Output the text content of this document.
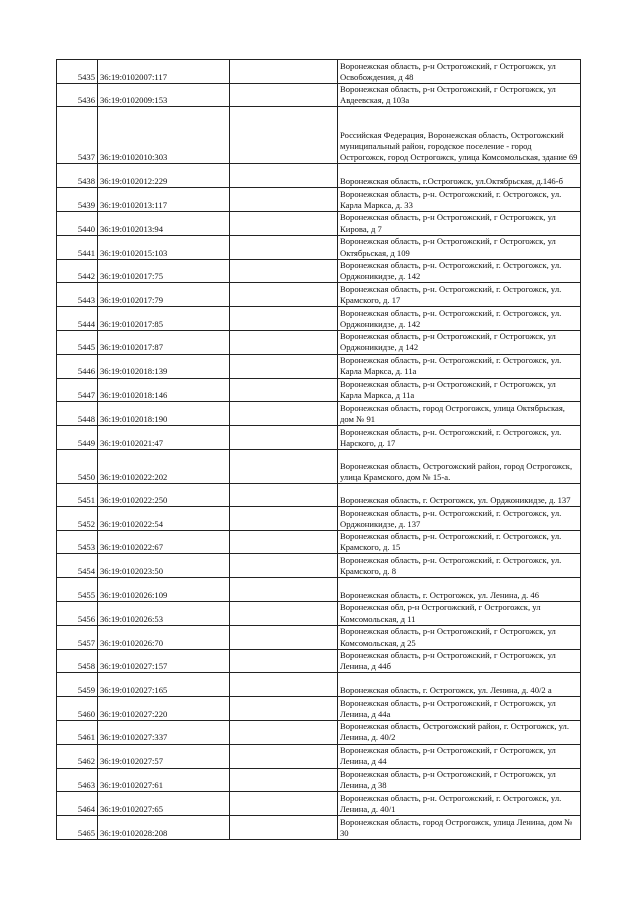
5435	36:19:0102007:117		Воронежская область, р-н Острогожский, г Острогожск, ул Освобождения, д 48
5436	36:19:0102009:153		Воронежская область, р-н Острогожский, г Острогожск, ул Авдеевская, д 103а
5437	36:19:0102010:303		Российская Федерация, Воронежская область, Острогожский муниципальный район, городское поселение - город Острогожск, город Острогожск, улица Комсомольская, здание 69
5438	36:19:0102012:229		Воронежская область, г.Острогожск, ул.Октябрьская, д.146-б
5439	36:19:0102013:117		Воронежская область, р-н. Острогожский, г. Острогожск, ул. Карла Маркса, д. 33
5440	36:19:0102013:94		Воронежская область, р-н Острогожский, г Острогожск, ул Кирова, д 7
5441	36:19:0102015:103		Воронежская область, р-н Острогожский, г Острогожск, ул Октябрьская, д 109
5442	36:19:0102017:75		Воронежская область, р-н. Острогожский, г. Острогожск, ул. Орджоникидзе, д. 142
5443	36:19:0102017:79		Воронежская область, р-н. Острогожский, г. Острогожск, ул. Крамского, д. 17
5444	36:19:0102017:85		Воронежская область, р-н. Острогожский, г. Острогожск, ул. Орджоникидзе, д. 142
5445	36:19:0102017:87		Воронежская область, р-н Острогожский, г Острогожск, ул Орджоникидзе, д 142
5446	36:19:0102018:139		Воронежская область, р-н. Острогожский, г. Острогожск, ул. Карла Маркса, д. 11а
5447	36:19:0102018:146		Воронежская область, р-н Острогожский, г Острогожск, ул Карла Маркса, д 11а
5448	36:19:0102018:190		Воронежская область, город Острогожск, улица Октябрьская, дом № 91
5449	36:19:0102021:47		Воронежская область, р-н. Острогожский, г. Острогожск, ул. Нарского, д. 17
5450	36:19:0102022:202		Воронежская область, Острогожский район, город Острогожск, улица Крамского, дом № 15-а.
5451	36:19:0102022:250		Воронежская область, г. Острогожск, ул. Орджоникидзе, д. 137
5452	36:19:0102022:54		Воронежская область, р-н. Острогожский, г. Острогожск, ул. Орджоникидзе, д. 137
5453	36:19:0102022:67		Воронежская область, р-н. Острогожский, г. Острогожск, ул. Крамского, д. 15
5454	36:19:0102023:50		Воронежская область, р-н. Острогожский, г. Острогожск, ул. Крамского, д. 8
5455	36:19:0102026:109		Воронежская область, г. Острогожск, ул. Ленина, д. 46
5456	36:19:0102026:53		Воронежская обл, р-н Острогожский, г Острогожск, ул Комсомольская, д 11
5457	36:19:0102026:70		Воронежская область, р-н Острогожский, г Острогожск, ул Комсомольская, д 25
5458	36:19:0102027:157		Воронежская область, р-н Острогожский, г Острогожск, ул Ленина, д 44б
5459	36:19:0102027:165		Воронежская область, г. Острогожск, ул. Ленина, д. 40/2 а
5460	36:19:0102027:220		Воронежская область, р-н Острогожский, г Острогожск, ул Ленина, д 44а
5461	36:19:0102027:337		Воронежская область, Острогожский район, г. Острогожск, ул. Ленина, д. 40/2
5462	36:19:0102027:57		Воронежская область, р-н Острогожский, г Острогожск, ул Ленина, д 44
5463	36:19:0102027:61		Воронежская область, р-н Острогожский, г Острогожск, ул Ленина, д 38
5464	36:19:0102027:65		Воронежская область, р-н. Острогожский, г. Острогожск, ул. Ленина, д. 40/1
5465	36:19:0102028:208		Воронежская область, город Острогожск, улица Ленина, дом № 30
